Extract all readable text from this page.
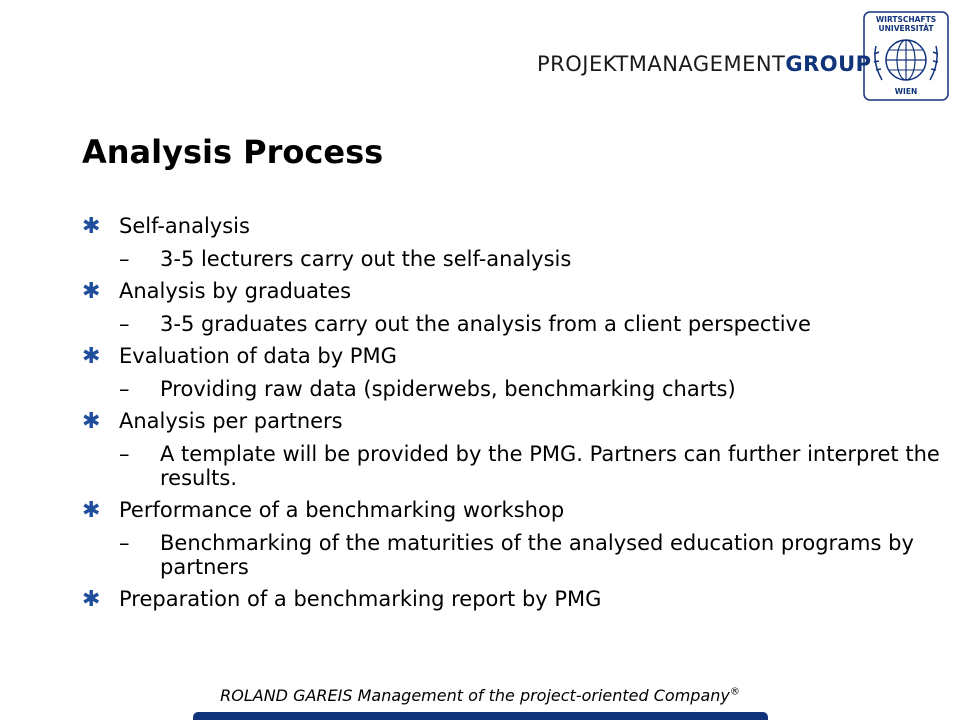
PROJEKTMANAGEMENTGROUP
WIRTSCHAFTS
UNIVERSITÄT
WIEN
Analysis Process
✱ Self-analysis
– 3-5 lecturers carry out the self-analysis
✱ Analysis by graduates
– 3-5 graduates carry out the analysis from a client perspective
✱ Evaluation of data by PMG
– Providing raw data (spiderwebs, benchmarking charts)
✱ Analysis per partners
– A template will be provided by the PMG. Partners can further interpret the results.
✱ Performance of a benchmarking workshop
– Benchmarking of the maturities of the analysed education programs by partners
✱ Preparation of a benchmarking report by PMG
ROLAND GAREIS Management of the project-oriented Company®
